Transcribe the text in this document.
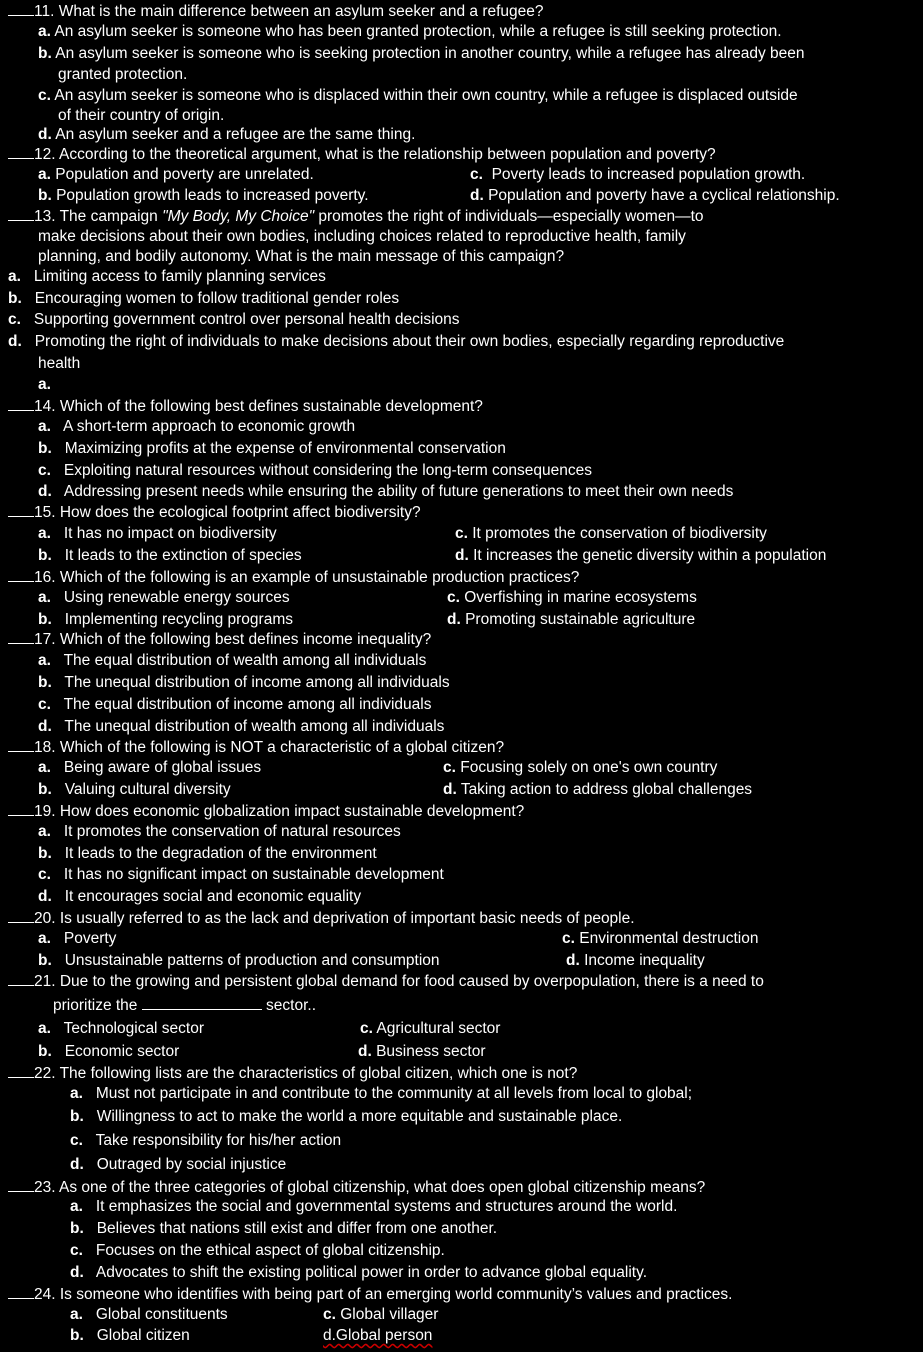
11. What is the main difference between an asylum seeker and a refugee?
a. An asylum seeker is someone who has been granted protection, while a refugee is still seeking protection.
b. An asylum seeker is someone who is seeking protection in another country, while a refugee has already been
granted protection.
c. An asylum seeker is someone who is displaced within their own country, while a refugee is displaced outside
of their country of origin.
d. An asylum seeker and a refugee are the same thing.
12. According to the theoretical argument, what is the relationship between population and poverty?
a. Population and poverty are unrelated.	c. Poverty leads to increased population growth.
b. Population growth leads to increased poverty.	d. Population and poverty have a cyclical relationship.
13. The campaign "My Body, My Choice" promotes the right of individuals—especially women—to
make decisions about their own bodies, including choices related to reproductive health, family
planning, and bodily autonomy. What is the main message of this campaign?
a. Limiting access to family planning services
b. Encouraging women to follow traditional gender roles
c. Supporting government control over personal health decisions
d. Promoting the right of individuals to make decisions about their own bodies, especially regarding reproductive
health
a.
14. Which of the following best defines sustainable development?
a. A short-term approach to economic growth
b. Maximizing profits at the expense of environmental conservation
c. Exploiting natural resources without considering the long-term consequences
d. Addressing present needs while ensuring the ability of future generations to meet their own needs
15. How does the ecological footprint affect biodiversity?
a. It has no impact on biodiversity	c. It promotes the conservation of biodiversity
b. It leads to the extinction of species	d. It increases the genetic diversity within a population
16. Which of the following is an example of unsustainable production practices?
a. Using renewable energy sources	c. Overfishing in marine ecosystems
b. Implementing recycling programs	d. Promoting sustainable agriculture
17. Which of the following best defines income inequality?
a. The equal distribution of wealth among all individuals
b. The unequal distribution of income among all individuals
c. The equal distribution of income among all individuals
d. The unequal distribution of wealth among all individuals
18. Which of the following is NOT a characteristic of a global citizen?
a. Being aware of global issues	c. Focusing solely on one's own country
b. Valuing cultural diversity	d. Taking action to address global challenges
19. How does economic globalization impact sustainable development?
a. It promotes the conservation of natural resources
b. It leads to the degradation of the environment
c. It has no significant impact on sustainable development
d. It encourages social and economic equality
20. Is usually referred to as the lack and deprivation of important basic needs of people.
a. Poverty	c. Environmental destruction
b. Unsustainable patterns of production and consumption	d. Income inequality
21. Due to the growing and persistent global demand for food caused by overpopulation, there is a need to
prioritize the	sector..
a. Technological sector	c. Agricultural sector
b. Economic sector	d. Business sector
22. The following lists are the characteristics of global citizen, which one is not?
a. Must not participate in and contribute to the community at all levels from local to global;
b. Willingness to act to make the world a more equitable and sustainable place.
c. Take responsibility for his/her action
d. Outraged by social injustice
23. As one of the three categories of global citizenship, what does open global citizenship means?
a. It emphasizes the social and governmental systems and structures around the world.
b. Believes that nations still exist and differ from one another.
c. Focuses on the ethical aspect of global citizenship.
d. Advocates to shift the existing political power in order to advance global equality.
24. Is someone who identifies with being part of an emerging world community’s values and practices.
a. Global constituents	c. Global villager
b. Global citizen	d.Global person
